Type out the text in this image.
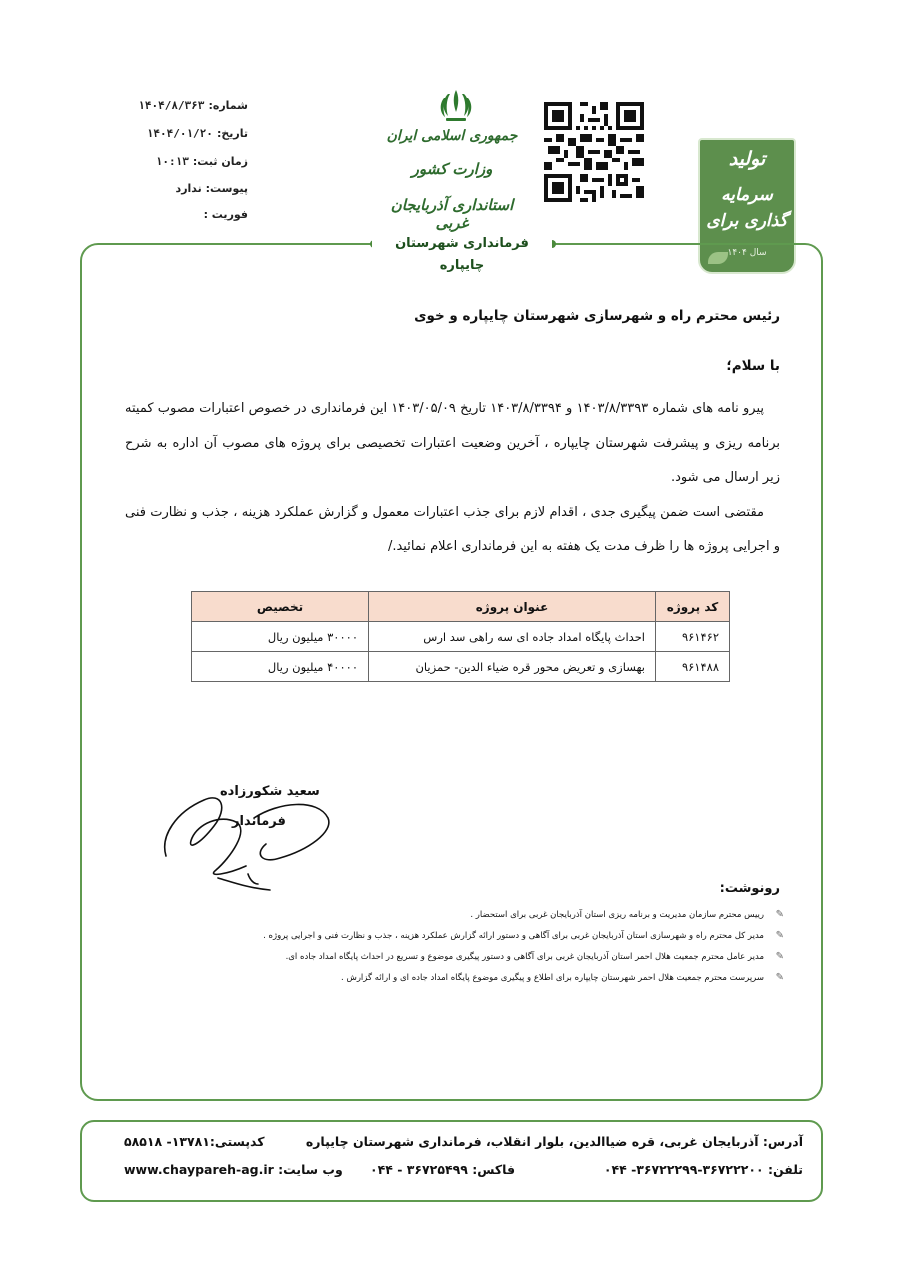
شماره:۱۴۰۴/۸/۳۶۳
تاریخ:۱۴۰۴/۰۱/۲۰
زمان ثبت:۱۰:۱۳
پیوست: ندارد
فوریت :
جمهوری اسلامی ایران
وزارت کشور
استانداری آذربایجان غربی
تولید
سرمایه گذاری برای
سال ۱۴۰۴
فرمانداری شهرستان چایپاره
رئیس محترم راه و شهرسازی شهرستان چایپاره و خوی
با سلام؛

پیرو نامه های شماره ۱۴۰۳/۸/۳۳۹۳ و ۱۴۰۳/۸/۳۳۹۴ تاریخ ۱۴۰۳/۰۵/۰۹ این فرمانداری در خصوص اعتبارات مصوب کمیته برنامه ریزی و پیشرفت شهرستان چایپاره ، آخرین وضعیت اعتبارات تخصیصی برای پروژه های مصوب آن اداره به شرح زیر ارسال می شود.

مقتضی است ضمن پیگیری جدی ، اقدام لازم برای جذب اعتبارات معمول و گزارش عملکرد هزینه ، جذب و نظارت فنی و اجرایی پروژه ها را ظرف مدت یک هفته به این فرمانداری اعلام نمائید./

کد پروژه	عنوان پروژه	تخصیص
۹۶۱۴۶۲	احداث پایگاه امداد جاده ای سه راهی سد ارس	۳۰۰۰۰ میلیون ریال
۹۶۱۴۸۸	بهسازی و تعریض محور قره ضیاء الدین- حمزیان	۴۰۰۰۰ میلیون ریال
سعید شکورزاده
فرماندار
رونوشت:
✎رییس محترم سازمان مدیریت و برنامه ریزی استان آذربایجان غربی برای استحضار .
✎مدیر کل محترم راه و شهرسازی استان آذربایجان غربی برای آگاهی و دستور ارائه گزارش عملکرد هزینه ، جذب و نظارت فنی و اجرایی پروژه .
✎مدیر عامل محترم جمعیت هلال احمر استان آذربایجان غربی برای آگاهی و دستور پیگیری موضوع و تسریع در احداث پایگاه امداد جاده ای.
✎سرپرست محترم جمعیت هلال احمر شهرستان چایپاره برای اطلاع و پیگیری موضوع پایگاه امداد جاده ای و ارائه گزارش .
آدرس: آذربایجان غربی، قره ضیاالدین، بلوار انقلاب، فرمانداری شهرستان چایپاره
کدپستی:۱۳۷۸۱- ۵۸۵۱۸
تلفن: ۳۶۷۲۲۲۰۰-۳۶۷۲۲۲۹۹- ۰۴۴
فاکس: ۳۶۷۲۵۴۹۹ - ۰۴۴
وب سایت: www.chaypareh-ag.ir
